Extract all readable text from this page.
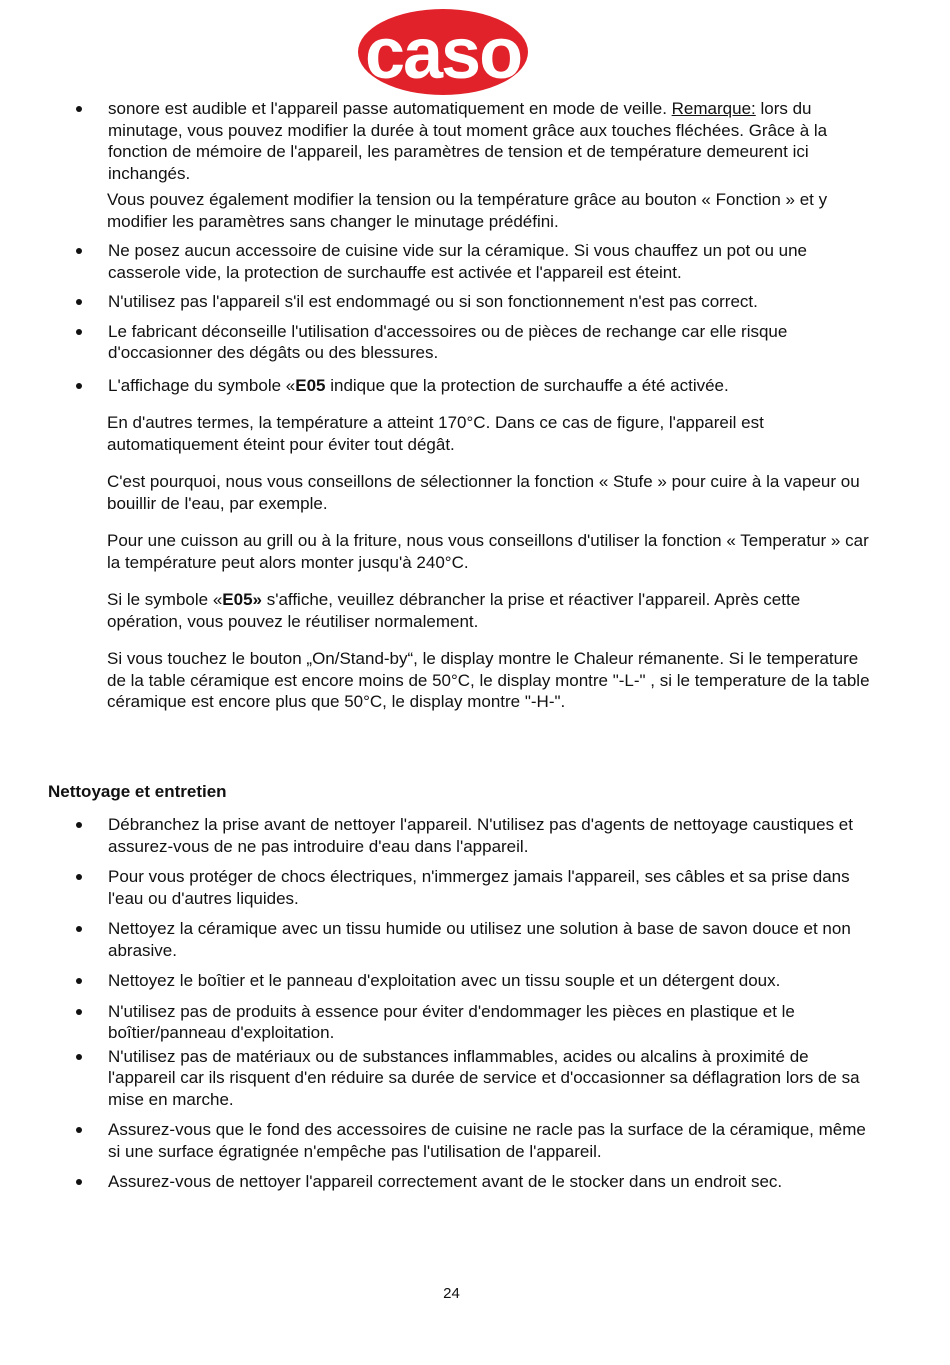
caso
sonore est audible et l'appareil passe automatiquement en mode de veille. Remarque: lors du minutage, vous pouvez modifier la durée à tout moment grâce aux touches fléchées. Grâce à la fonction de mémoire de l'appareil, les paramètres de tension et de température demeurent ici inchangés.

Vous pouvez également modifier la tension ou la température grâce au bouton « Fonction » et y modifier les paramètres sans changer le minutage prédéfini.

Ne posez aucun accessoire de cuisine vide sur la céramique. Si vous chauffez un pot ou une casserole vide, la protection de surchauffe est activée et l'appareil est éteint.
N'utilisez pas l'appareil s'il est endommagé ou si son fonctionnement n'est pas correct.
Le fabricant déconseille l'utilisation d'accessoires ou de pièces de rechange car elle risque d'occasionner des dégâts ou des blessures.
L'affichage du symbole «E05 indique que la protection de surchauffe a été activée.

En d'autres termes, la température a atteint 170°C. Dans ce cas de figure, l'appareil est automatiquement éteint pour éviter tout dégât.

C'est pourquoi, nous vous conseillons de sélectionner la fonction « Stufe » pour cuire à la vapeur ou bouillir de l'eau, par exemple.

Pour une cuisson au grill ou à la friture, nous vous conseillons d'utiliser la fonction « Temperatur » car la température peut alors monter jusqu'à 240°C.

Si le symbole «E05» s'affiche, veuillez débrancher la prise et réactiver l'appareil. Après cette opération, vous pouvez le réutiliser normalement.

Si vous touchez le bouton „On/Stand-by“, le display montre le Chaleur rémanente. Si le temperature de la table céramique est encore moins de 50°C, le display montre "-L-" , si le temperature de la table céramique est encore plus que 50°C, le display montre "-H-".

Nettoyage et entretien
Débranchez la prise avant de nettoyer l'appareil. N'utilisez pas d'agents de nettoyage caustiques et assurez-vous de ne pas introduire d'eau dans l'appareil.
Pour vous protéger de chocs électriques, n'immergez jamais l'appareil, ses câbles et sa prise dans l'eau ou d'autres liquides.
Nettoyez la céramique avec un tissu humide ou utilisez une solution à base de savon douce et non abrasive.
Nettoyez le boîtier et le panneau d'exploitation avec un tissu souple et un détergent doux.
N'utilisez pas de produits à essence pour éviter d'endommager les pièces en plastique et le boîtier/panneau d'exploitation.
N'utilisez pas de matériaux ou de substances inflammables, acides ou alcalins à proximité de l'appareil car ils risquent d'en réduire sa durée de service et d'occasionner sa déflagration lors de sa mise en marche.
Assurez-vous que le fond des accessoires de cuisine ne racle pas la surface de la céramique, même si une surface égratignée n'empêche pas l'utilisation de l'appareil.
Assurez-vous de nettoyer l'appareil correctement avant de le stocker dans un endroit sec.
24
